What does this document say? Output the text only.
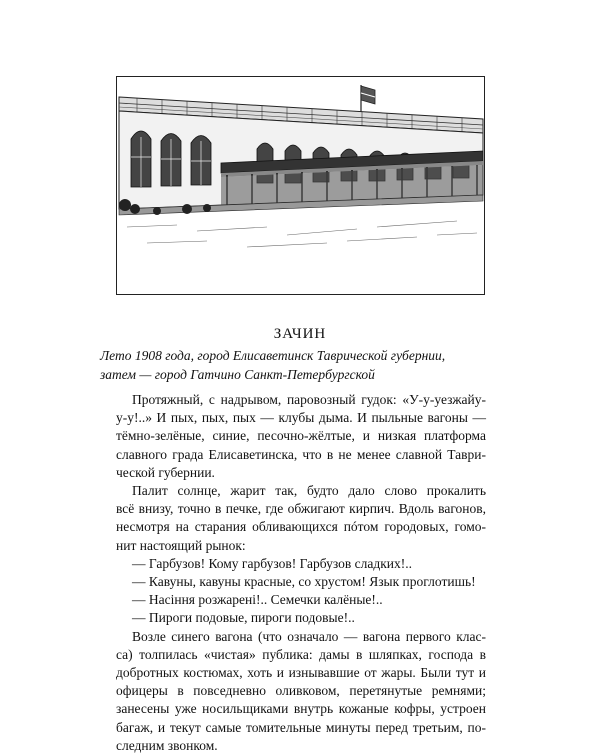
ЗАЧИН
Лето 1908 года, город Елисаветинск Таврической губернии,
затем — город Гатчино Санкт-Петербургской
Протяжный, с надрывом, паровозный гудок: «У-у-уезжайу-
у-у!..» И пых, пых, пых — клубы дыма. И пыльные вагоны —
тёмно-зелёные, синие, песочно-жёлтые, и низкая платформа
славного града Елисаветинска, что в не менее славной Таври-
ческой губернии.
Палит солнце, жарит так, будто дало слово прокалить
всё внизу, точно в печке, где обжигают кирпич. Вдоль вагонов,
несмотря на старания обливающихся пóтом городовых, гомо-
нит настоящий рынок:
— Гарбузов! Кому гарбузов! Гарбузов сладких!..
— Кавуны, кавуны красные, со хрустом! Язык проглотишь!
— Насіння розжарені!.. Семечки калёные!..
— Пироги подовые, пироги подовые!..
Возле синего вагона (что означало — вагона первого клас-
са) толпилась «чистая» публика: дамы в шляпках, господа в
добротных костюмах, хоть и изнывавшие от жары. Были тут и
офицеры в повседневно оливковом, перетянутые ремнями;
занесены уже носильщиками внутрь кожаные кофры, устроен
багаж, и текут самые томительные минуты перед третьим, по-
следним звонком.
